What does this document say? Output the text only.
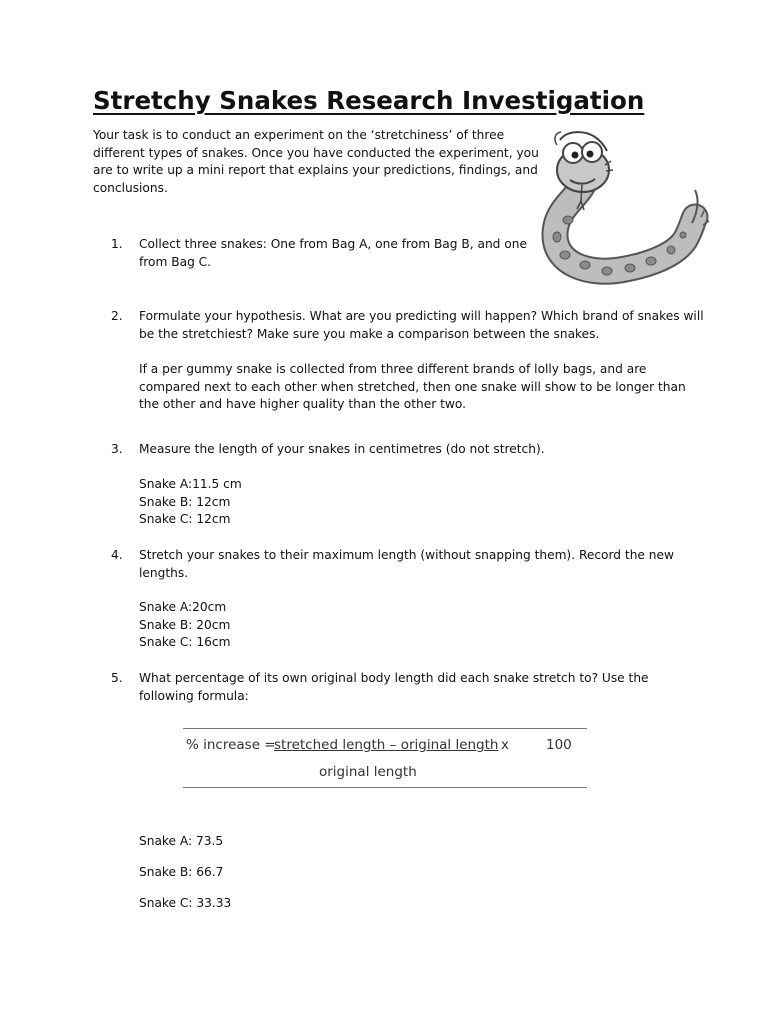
Stretchy Snakes Research Investigation

Your task is to conduct an experiment on the ‘stretchiness’ of three
different types of snakes. Once you have conducted the experiment, you
are to write up a mini report that explains your predictions, findings, and
conclusions.

1.	Collect three snakes: One from Bag A, one from Bag B, and one
from Bag C.
2.	Formulate your hypothesis. What are you predicting will happen? Which brand of snakes will
be the stretchiest? Make sure you make a comparison between the snakes.

If a per gummy snake is collected from three different brands of lolly bags, and are
compared next to each other when stretched, then one snake will show to be longer than
the other and have higher quality than the other two.

3.	Measure the length of your snakes in centimetres (do not stretch).

Snake A:11.5 cm
Snake B: 12cm
Snake C: 12cm

4.	Stretch your snakes to their maximum length (without snapping them). Record the new
lengths.

Snake A:20cm
Snake B: 20cm
Snake C: 16cm

5.	What percentage of its own original body length did each snake stretch to? Use the
following formula:
% increase =
stretched length – original length x	100
original length

Snake A: 73.5

Snake B: 66.7

Snake C: 33.33
